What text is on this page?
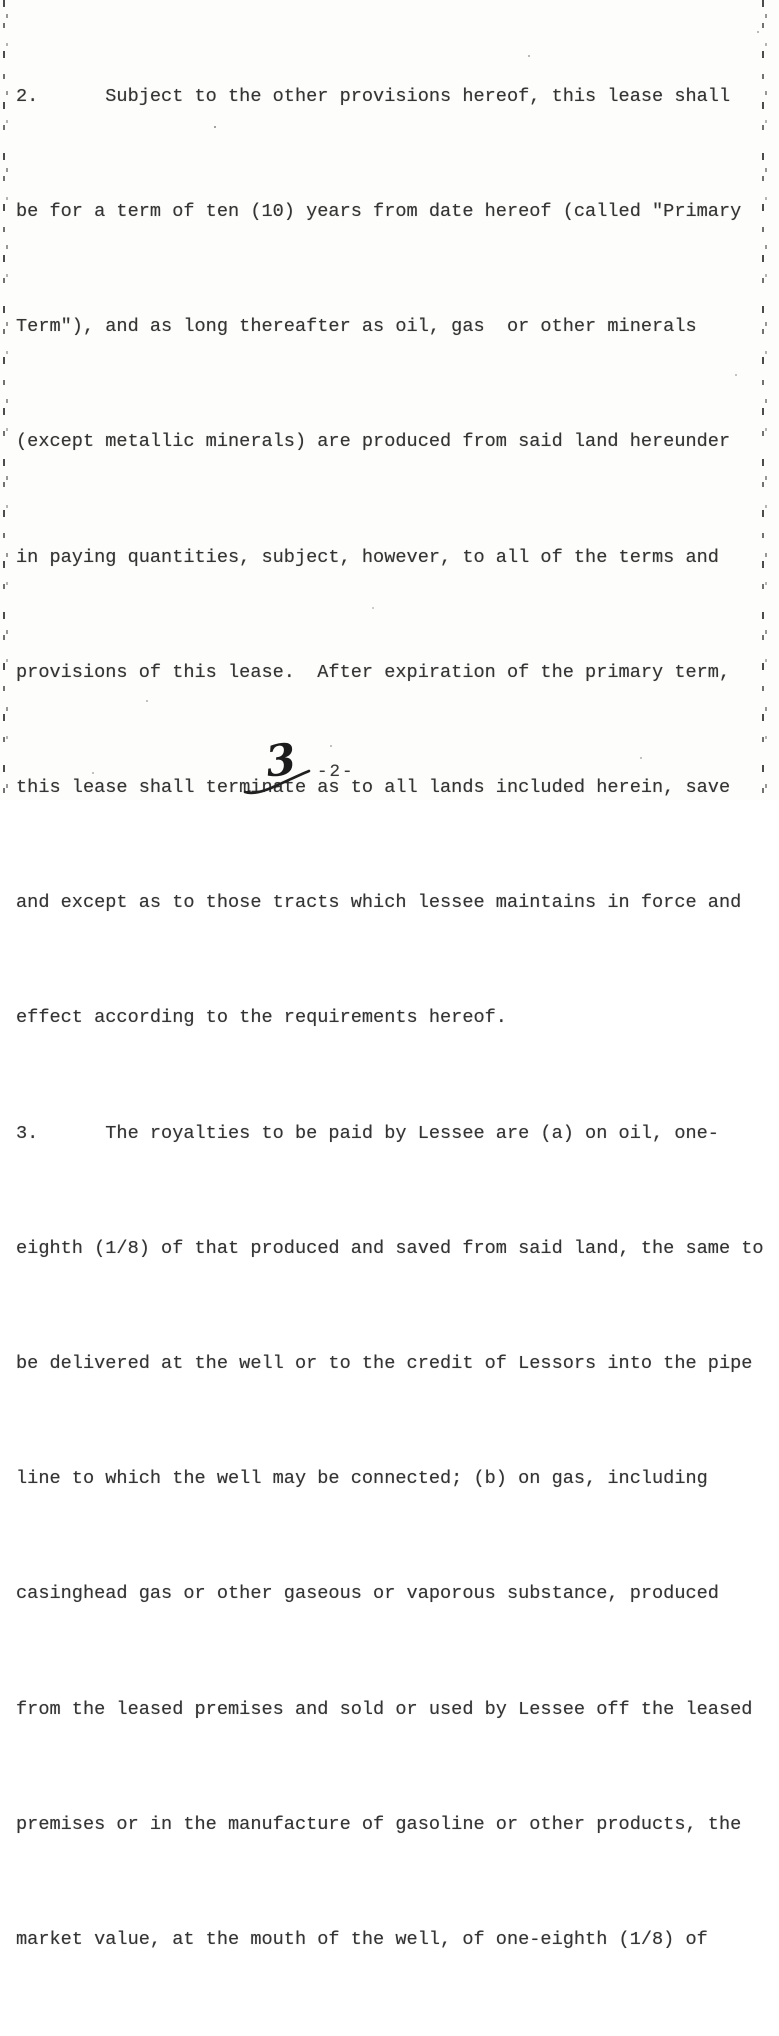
2.      Subject to the other provisions hereof, this lease shall

be for a term of ten (10) years from date hereof (called "Primary

Term"), and as long thereafter as oil, gas  or other minerals

(except metallic minerals) are produced from said land hereunder

in paying quantities, subject, however, to all of the terms and

provisions of this lease.  After expiration of the primary term,

this lease shall terminate as to all lands included herein, save

and except as to those tracts which lessee maintains in force and

effect according to the requirements hereof.

3.      The royalties to be paid by Lessee are (a) on oil, one-

eighth (1/8) of that produced and saved from said land, the same to

be delivered at the well or to the credit of Lessors into the pipe

line to which the well may be connected; (b) on gas, including

casinghead gas or other gaseous or vaporous substance, produced

from the leased premises and sold or used by Lessee off the leased

premises or in the manufacture of gasoline or other products, the

market value, at the mouth of the well, of one-eighth (1/8) of

3 -2-
